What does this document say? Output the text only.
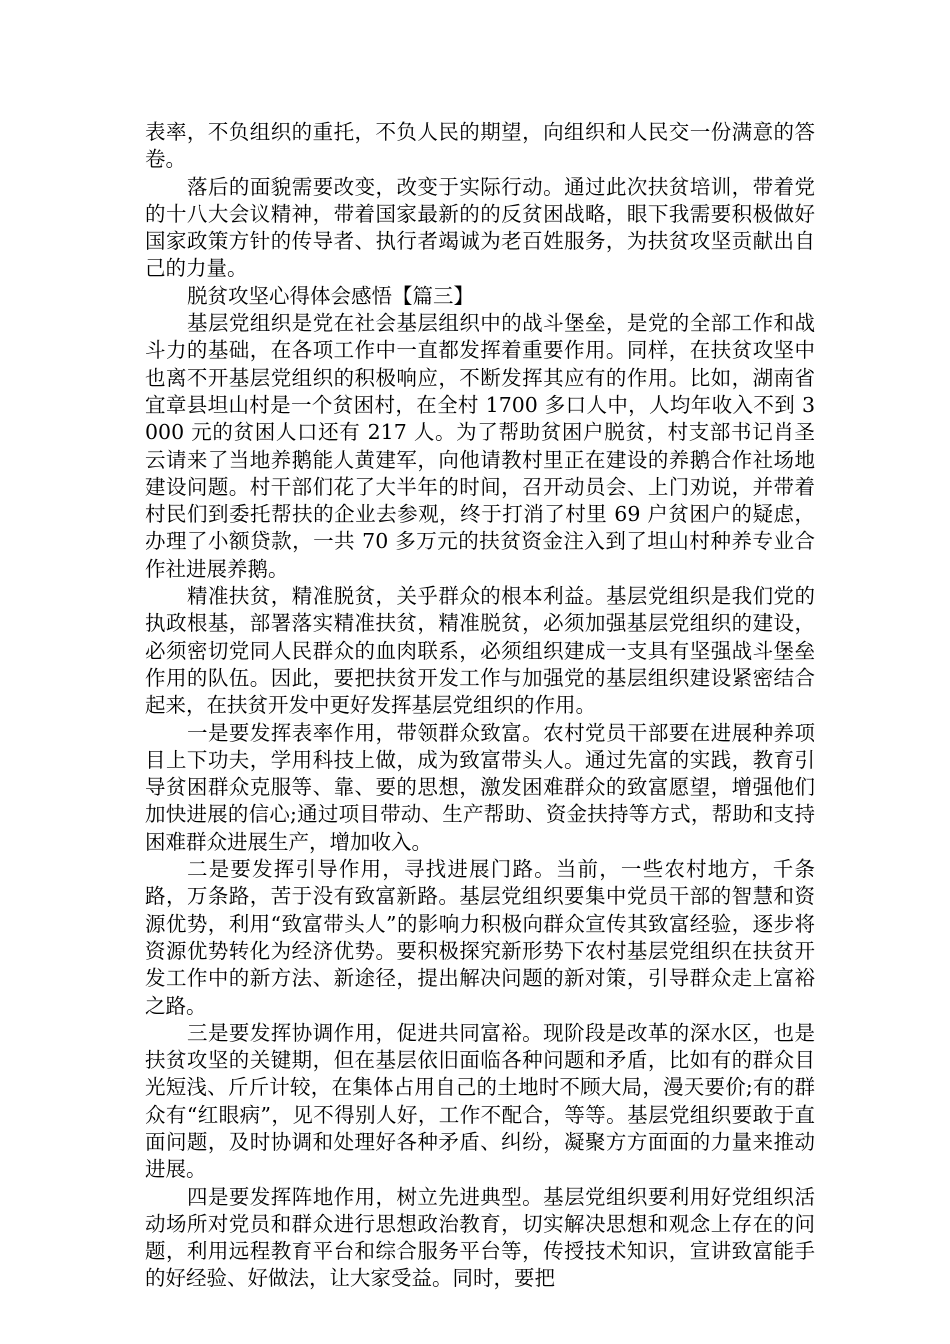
表率，不负组织的重托，不负人民的期望，向组织和人民交一份满意的答卷。

落后的面貌需要改变，改变于实际行动。通过此次扶贫培训，带着党的十八大会议精神，带着国家最新的的反贫困战略，眼下我需要积极做好国家政策方针的传导者、执行者竭诚为老百姓服务，为扶贫攻坚贡献出自己的力量。

脱贫攻坚心得体会感悟【篇三】

基层党组织是党在社会基层组织中的战斗堡垒，是党的全部工作和战斗力的基础，在各项工作中一直都发挥着重要作用。同样，在扶贫攻坚中也离不开基层党组织的积极响应，不断发挥其应有的作用。比如，湖南省宜章县坦山村是一个贫困村，在全村 1700 多口人中，人均年收入不到 3000 元的贫困人口还有 217 人。为了帮助贫困户脱贫，村支部书记肖圣云请来了当地养鹅能人黄建军，向他请教村里正在建设的养鹅合作社场地建设问题。村干部们花了大半年的时间，召开动员会、上门劝说，并带着村民们到委托帮扶的企业去参观，终于打消了村里 69 户贫困户的疑虑，办理了小额贷款，一共 70 多万元的扶贫资金注入到了坦山村种养专业合作社进展养鹅。

精准扶贫，精准脱贫，关乎群众的根本利益。基层党组织是我们党的执政根基，部署落实精准扶贫，精准脱贫，必须加强基层党组织的建设，必须密切党同人民群众的血肉联系，必须组织建成一支具有坚强战斗堡垒作用的队伍。因此，要把扶贫开发工作与加强党的基层组织建设紧密结合起来，在扶贫开发中更好发挥基层党组织的作用。

一是要发挥表率作用，带领群众致富。农村党员干部要在进展种养项目上下功夫，学用科技上做，成为致富带头人。通过先富的实践，教育引导贫困群众克服等、靠、要的思想，激发困难群众的致富愿望，增强他们加快进展的信心;通过项目带动、生产帮助、资金扶持等方式，帮助和支持困难群众进展生产，增加收入。

二是要发挥引导作用，寻找进展门路。当前，一些农村地方，千条路，万条路，苦于没有致富新路。基层党组织要集中党员干部的智慧和资源优势，利用“致富带头人”的影响力积极向群众宣传其致富经验，逐步将资源优势转化为经济优势。要积极探究新形势下农村基层党组织在扶贫开发工作中的新方法、新途径，提出解决问题的新对策，引导群众走上富裕之路。

三是要发挥协调作用，促进共同富裕。现阶段是改革的深水区，也是扶贫攻坚的关键期，但在基层依旧面临各种问题和矛盾，比如有的群众目光短浅、斤斤计较，在集体占用自己的土地时不顾大局，漫天要价;有的群众有“红眼病”，见不得别人好，工作不配合，等等。基层党组织要敢于直面问题，及时协调和处理好各种矛盾、纠纷，凝聚方方面面的力量来推动进展。

四是要发挥阵地作用，树立先进典型。基层党组织要利用好党组织活动场所对党员和群众进行思想政治教育，切实解决思想和观念上存在的问题，利用远程教育平台和综合服务平台等，传授技术知识，宣讲致富能手的好经验、好做法，让大家受益。同时，要把
